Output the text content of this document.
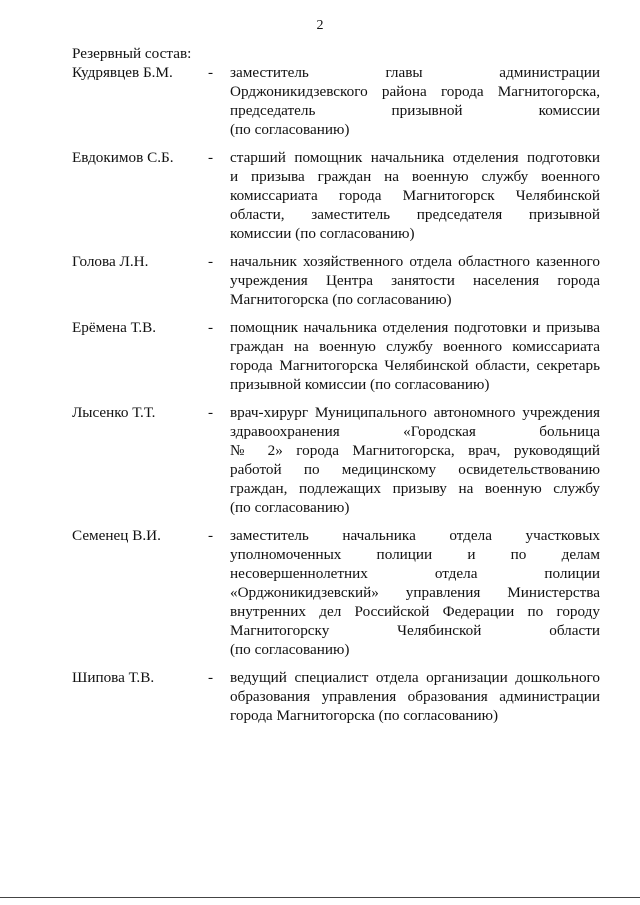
2
Резервный состав:
Кудрявцев Б.М.	-	заместитель главы администрации
Орджоникидзевского района города Магнитогорска,
председатель призывной комиссии
(по согласованию)
Евдокимов С.Б.	-	старший помощник начальника отделения подготовки
и призыва граждан на военную службу военного
комиссариата города Магнитогорск Челябинской
области, заместитель председателя призывной
комиссии (по согласованию)
Голова Л.Н.	-	начальник хозяйственного отдела областного казенного
учреждения Центра занятости населения города
Магнитогорска (по согласованию)
Ерёмена Т.В.	-	помощник начальника отделения подготовки и призыва
граждан на военную службу военного комиссариата
города Магнитогорска Челябинской области, секретарь
призывной комиссии (по согласованию)
Лысенко Т.Т.	-	врач-хирург Муниципального автономного учреждения
здравоохранения «Городская больница
№ 2» города Магнитогорска, врач, руководящий
работой по медицинскому освидетельствованию
граждан, подлежащих призыву на военную службу
(по согласованию)
Семенец В.И.	-	заместитель начальника отдела участковых
уполномоченных полиции и по делам
несовершеннолетних отдела полиции
«Орджоникидзевский» управления Министерства
внутренних дел Российской Федерации по городу
Магнитогорску Челябинской области
(по согласованию)
Шипова Т.В.	-	ведущий специалист отдела организации дошкольного
образования управления образования администрации
города Магнитогорска (по согласованию)
